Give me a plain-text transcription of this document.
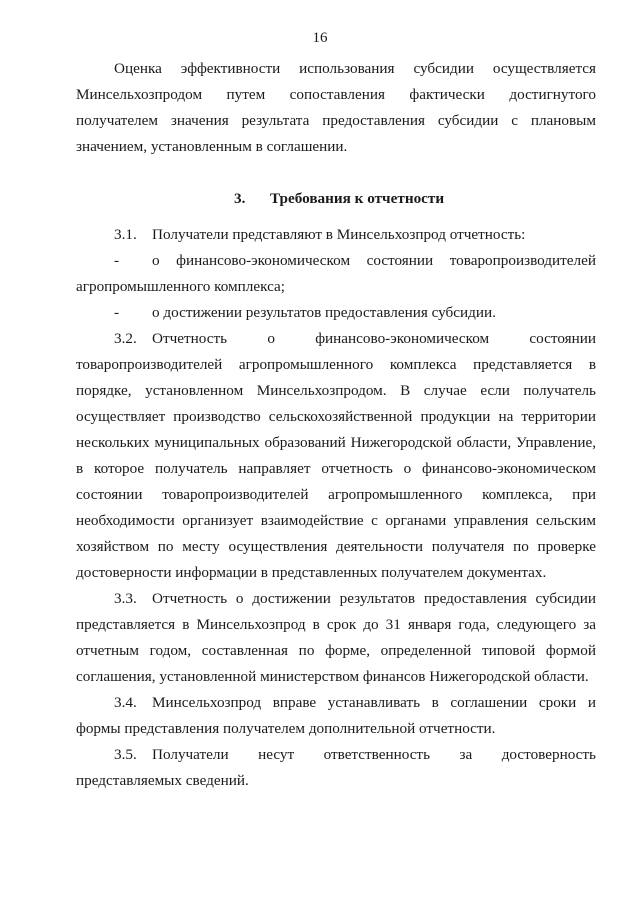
16
Оценка эффективности использования субсидии осуществляется
Минсельхозпродом путем сопоставления фактически достигнутого
получателем значения результата предоставления субсидии с плановым
значением, установленным в соглашении.
3. Требования к отчетности
3.1.	Получатели представляют в Минсельхозпрод отчетность:
-	о финансово-экономическом состоянии товаропроизводителей
агропромышленного комплекса;
-	о достижении результатов предоставления субсидии.
3.2.	Отчетность о финансово-экономическом состоянии
товаропроизводителей агропромышленного комплекса представляется в
порядке, установленном Минсельхозпродом. В случае если получатель
осуществляет производство сельскохозяйственной продукции на территории
нескольких муниципальных образований Нижегородской области, Управление,
в которое получатель направляет отчетность о финансово-экономическом
состоянии товаропроизводителей агропромышленного комплекса, при
необходимости организует взаимодействие с органами управления сельским
хозяйством по месту осуществления деятельности получателя по проверке
достоверности информации в представленных получателем документах.
3.3.	Отчетность о достижении результатов предоставления субсидии
представляется в Минсельхозпрод в срок до 31 января года, следующего за
отчетным годом, составленная по форме, определенной типовой формой
соглашения, установленной министерством финансов Нижегородской области.
3.4.	Минсельхозпрод вправе устанавливать в соглашении сроки и
формы представления получателем дополнительной отчетности.
3.5.	Получатели несут ответственность за достоверность
представляемых сведений.
